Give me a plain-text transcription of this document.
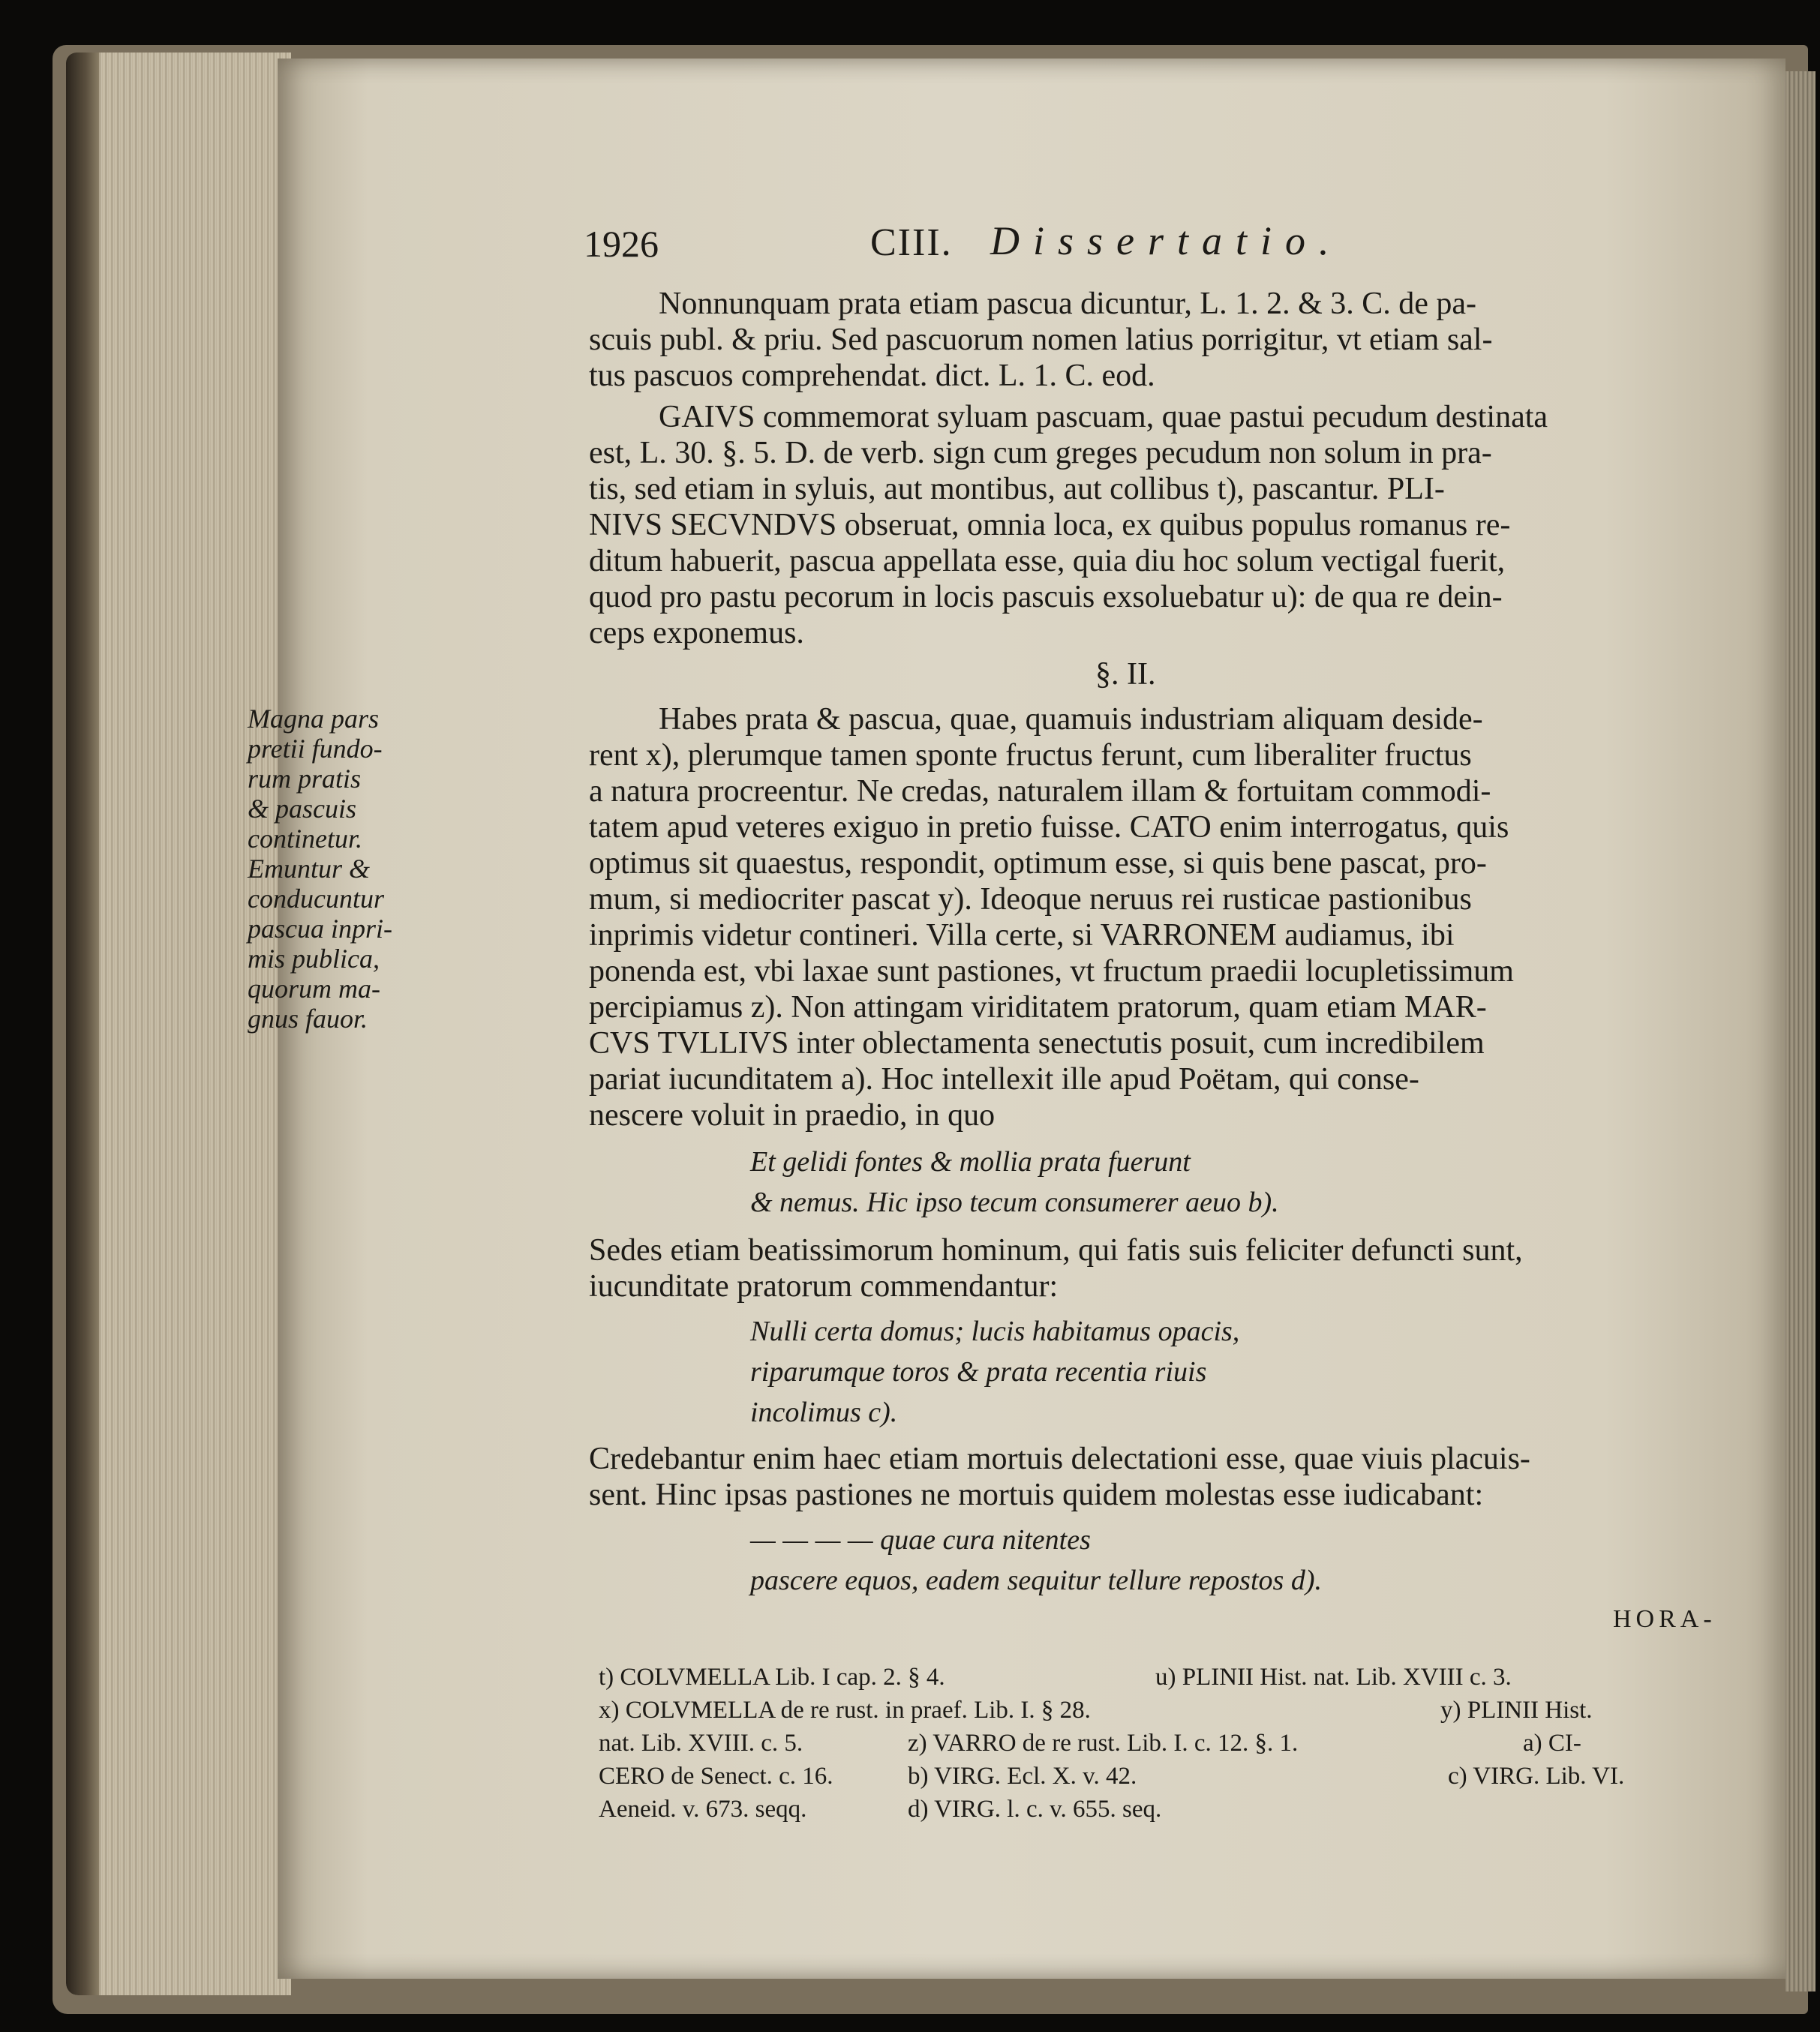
1926	CIII. Dissertatio.
Nonnunquam prata etiam pascua dicuntur, L. 1. 2. & 3. C. de pa-
scuis publ. & priu. Sed pascuorum nomen latius porrigitur, vt etiam sal-
tus pascuos comprehendat. dict. L. 1. C. eod.
GAIVS commemorat syluam pascuam, quae pastui pecudum destinata
est, L. 30. §. 5. D. de verb. sign cum greges pecudum non solum in pra-
tis, sed etiam in syluis, aut montibus, aut collibus t), pascantur. PLI-
NIVS SECVNDVS obseruat, omnia loca, ex quibus populus romanus re-
ditum habuerit, pascua appellata esse, quia diu hoc solum vectigal fuerit,
quod pro pastu pecorum in locis pascuis exsoluebatur u): de qua re dein-
ceps exponemus.
§. II.
Magna pars
pretii fundo-
rum pratis
& pascuis
continetur.
Emuntur &
conducuntur
pascua inpri-
mis publica,
quorum ma-
gnus fauor.
Habes prata & pascua, quae, quamuis industriam aliquam deside-
rent x), plerumque tamen sponte fructus ferunt, cum liberaliter fructus
a natura procreentur. Ne credas, naturalem illam & fortuitam commodi-
tatem apud veteres exiguo in pretio fuisse. CATO enim interrogatus, quis
optimus sit quaestus, respondit, optimum esse, si quis bene pascat, pro-
mum, si mediocriter pascat y). Ideoque neruus rei rusticae pastionibus
inprimis videtur contineri. Villa certe, si VARRONEM audiamus, ibi
ponenda est, vbi laxae sunt pastiones, vt fructum praedii locupletissimum
percipiamus z). Non attingam viriditatem pratorum, quam etiam MAR-
CVS TVLLIVS inter oblectamenta senectutis posuit, cum incredibilem
pariat iucunditatem a). Hoc intellexit ille apud Poëtam, qui conse-
nescere voluit in praedio, in quo
Et gelidi fontes & mollia prata fuerunt
& nemus. Hic ipso tecum consumerer aeuo b).
Sedes etiam beatissimorum hominum, qui fatis suis feliciter defuncti sunt,
iucunditate pratorum commendantur:
Nulli certa domus; lucis habitamus opacis,
riparumque toros & prata recentia riuis
incolimus c).
Credebantur enim haec etiam mortuis delectationi esse, quae viuis placuis-
sent. Hinc ipsas pastiones ne mortuis quidem molestas esse iudicabant:
— — — — quae cura nitentes
pascere equos, eadem sequitur tellure repostos d).
HORA-
t) COLVMELLA Lib. I cap. 2. § 4.	u) PLINII Hist. nat. Lib. XVIII c. 3.
x) COLVMELLA de re rust. in praef. Lib. I. § 28.	y) PLINII Hist.
nat. Lib. XVIII. c. 5.	z) VARRO de re rust. Lib. I. c. 12. §. 1.	a) CI-
CERO de Senect. c. 16.	b) VIRG. Ecl. X. v. 42.	c) VIRG. Lib. VI.
Aeneid. v. 673. seqq.	d) VIRG. l. c. v. 655. seq.
